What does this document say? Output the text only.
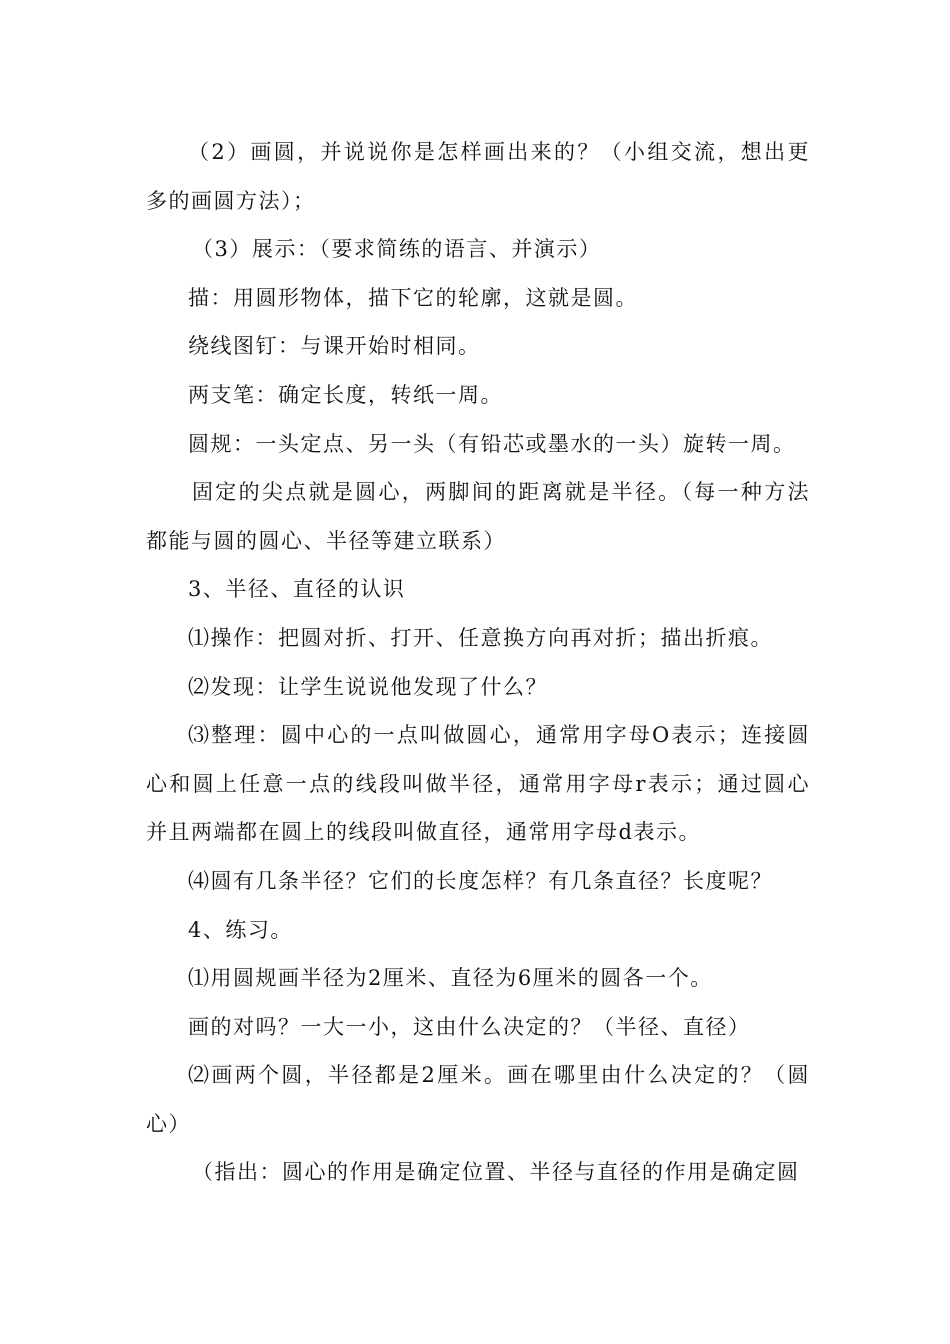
（2）画圆，并说说你是怎样画出来的？（小组交流，想出更多的画圆方法）；

（3）展示：（要求简练的语言、并演示）

描：用圆形物体，描下它的轮廓，这就是圆。

绕线图钉：与课开始时相同。

两支笔：确定长度，转纸一周。

圆规：一头定点、另一头（有铅芯或墨水的一头）旋转一周。

固定的尖点就是圆心，两脚间的距离就是半径。（每一种方法都能与圆的圆心、半径等建立联系）

3、半径、直径的认识

⑴操作：把圆对折、打开、任意换方向再对折；描出折痕。

⑵发现：让学生说说他发现了什么？

⑶整理：圆中心的一点叫做圆心，通常用字母O表示；连接圆心和圆上任意一点的线段叫做半径，通常用字母r表示；通过圆心并且两端都在圆上的线段叫做直径，通常用字母d表示。

⑷圆有几条半径？它们的长度怎样？有几条直径？长度呢？

4、练习。

⑴用圆规画半径为2厘米、直径为6厘米的圆各一个。

画的对吗？一大一小，这由什么决定的？（半径、直径）

⑵画两个圆，半径都是2厘米。画在哪里由什么决定的？（圆心）

（指出：圆心的作用是确定位置、半径与直径的作用是确定圆
